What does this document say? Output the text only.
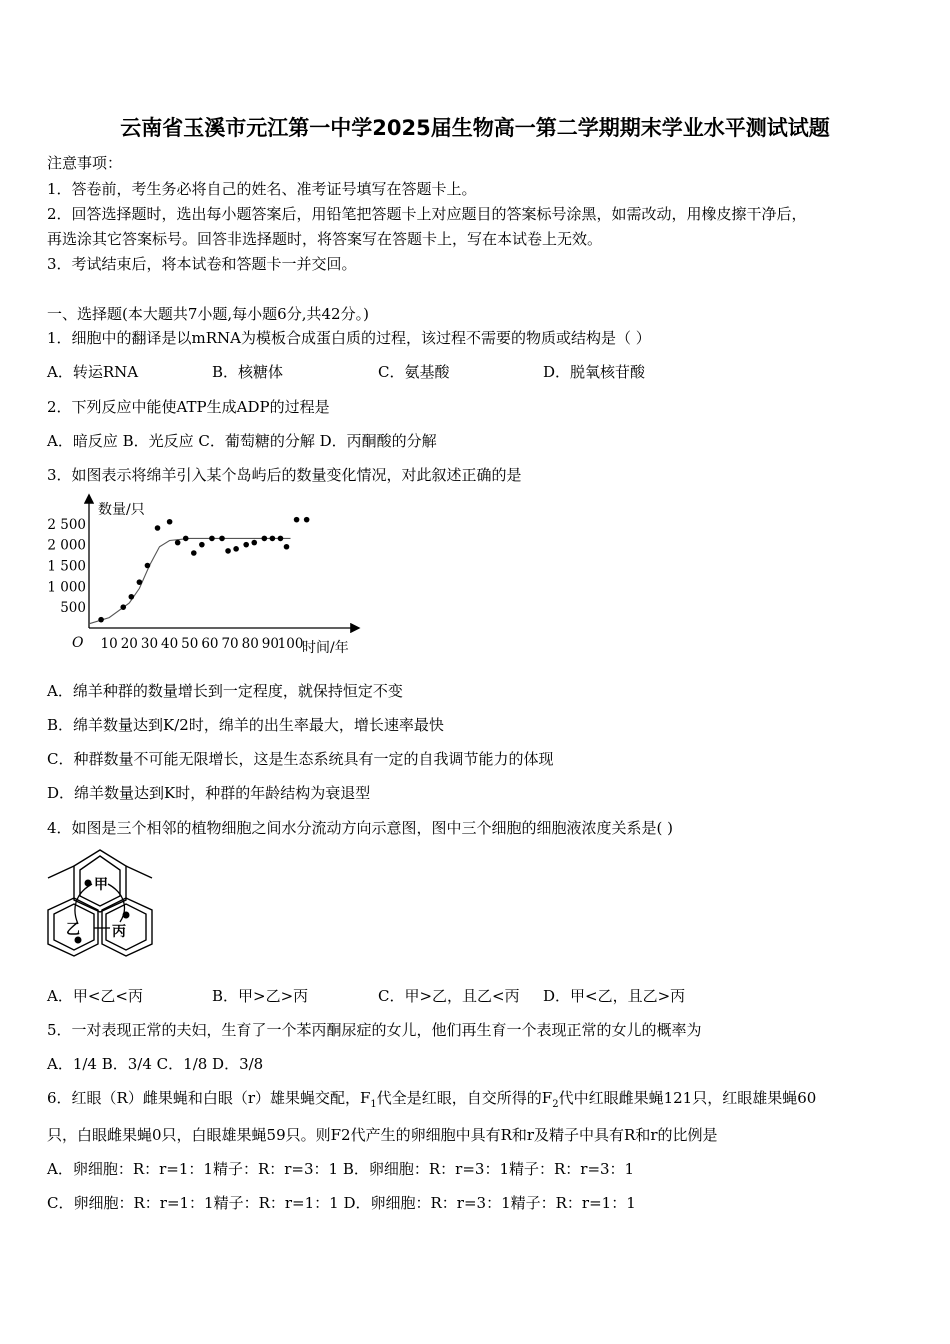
云南省玉溪市元江第一中学2025届生物高一第二学期期末学业水平测试试题
注意事项：
1．答卷前，考生务必将自己的姓名、准考证号填写在答题卡上。
2．回答选择题时，选出每小题答案后，用铅笔把答题卡上对应题目的答案标号涂黑，如需改动，用橡皮擦干净后，
再选涂其它答案标号。回答非选择题时，将答案写在答题卡上，写在本试卷上无效。
3．考试结束后，将本试卷和答题卡一并交回。
一、选择题(本大题共7小题,每小题6分,共42分。)
1．细胞中的翻译是以mRNA为模板合成蛋白质的过程，该过程不需要的物质或结构是（ ）
A．转运RNA	B．核糖体	C．氨基酸	D．脱氧核苷酸
2．下列反应中能使ATP生成ADP的过程是
A．暗反应 B．光反应 C．葡萄糖的分解 D．丙酮酸的分解
3．如图表示将绵羊引入某个岛屿后的数量变化情况，对此叙述正确的是
数量/只
时间/年
O
500
1 000
1 500
2 000
2 500
10 20 30 40 50 60 70 80 90
100
A．绵羊种群的数量增长到一定程度，就保持恒定不变
B．绵羊数量达到K/2时，绵羊的出生率最大，增长速率最快
C．种群数量不可能无限增长，这是生态系统具有一定的自我调节能力的体现
D．绵羊数量达到K时，种群的年龄结构为衰退型
4．如图是三个相邻的植物细胞之间水分流动方向示意图，图中三个细胞的细胞液浓度关系是( )
甲
乙 丙
A．甲<乙<丙	B．甲>乙>丙	C．甲>乙，且乙<丙 D．甲<乙，且乙>丙
5．一对表现正常的夫妇，生育了一个苯丙酮尿症的女儿，他们再生育一个表现正常的女儿的概率为
A．1/4 B．3/4 C．1/8 D．3/8
6．红眼（R）雌果蝇和白眼（r）雄果蝇交配，$F_1$代全是红眼，自交所得的$F_2$代中红眼雌果蝇121只，红眼雄果蝇60
只，白眼雌果蝇0只，白眼雄果蝇59只。则F2代产生的卵细胞中具有R和r及精子中具有R和r的比例是
A．卵细胞：R：r=1：1精子：R：r=3：1 B．卵细胞：R：r=3：1精子：R：r=3：1
C．卵细胞：R：r=1：1精子：R：r=1：1 D．卵细胞：R：r=3：1精子：R：r=1：1
